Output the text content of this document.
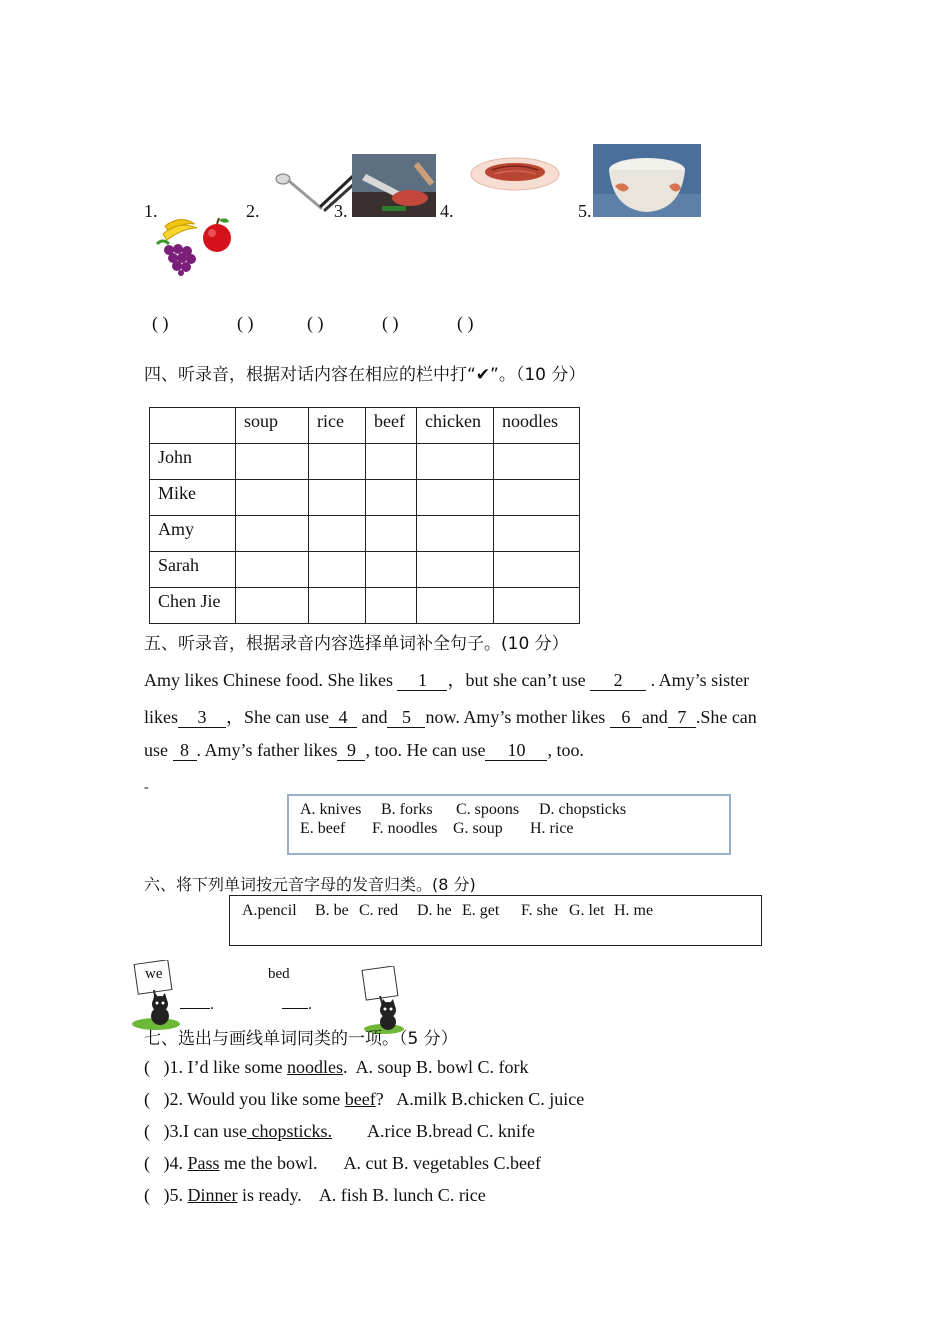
1.	2.	3.	4.	5.
( )	( )	( )	( )	( )
四、听录音，根据对话内容在相应的栏中打“✔”。（10 分）
	soup	rice	beef	chicken	noodles
John					
Mike					
Amy					
Sarah					
Chen Jie					
五、听录音，根据录音内容选择单词补全句子。(10 分）
Amy likes Chinese food. She likes 1 ，but she can’t use 2 . Amy’s sister
likes 3 ，She can use 4 and 5 now. Amy’s mother likes 6 and 7 .She can
use 8 . Amy’s father likes 9 , too. He can use 10 , too.
-
A. knives B. forks C. spoons D. chopsticks
E. beef F. noodles G. soup H. rice
六、将下列单词按元音字母的发音归类。(8 分)
A.pencil B. be C. red D. he E. get F. she G. let H. me
we
.
bed
.
七、选出与画线单词同类的一项。（5 分）
( )1. I’d like some noodles. A. soup B. bowl C. fork
( )2. Would you like some beef? A.milk B.chicken C. juice
( )3.I can use chopsticks. A.rice B.bread C. knife
( )4. Pass me the bowl. A. cut B. vegetables C.beef
( )5. Dinner is ready. A. fish B. lunch C. rice
